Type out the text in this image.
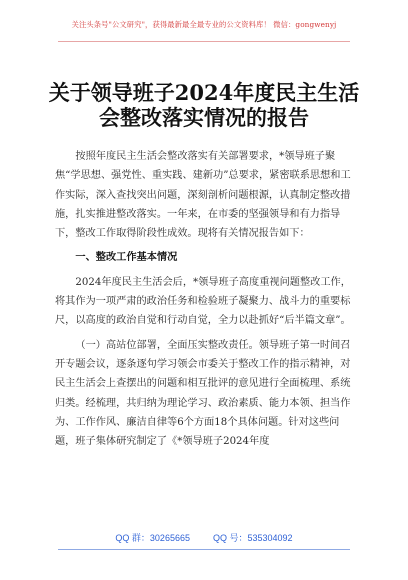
关注头条号"公文研究"，获得最新最全最专业的公文资料库！ 微信：gongwenyj
关于领导班子2024年度民主生活会整改落实情况的报告

按照年度民主生活会整改落实有关部署要求，*领导班子聚焦“学思想、强党性、重实践、建新功”总要求，紧密联系思想和工作实际，深入查找突出问题，深刻剖析问题根源，认真制定整改措施，扎实推进整改落实。一年来，在市委的坚强领导和有力指导下，整改工作取得阶段性成效。现将有关情况报告如下：

一、整改工作基本情况

2024年度民主生活会后，*领导班子高度重视问题整改工作，将其作为一项严肃的政治任务和检验班子凝聚力、战斗力的重要标尺，以高度的政治自觉和行动自觉，全力以赴抓好“后半篇文章”。

（一）高站位部署，全面压实整改责任。领导班子第一时间召开专题会议，逐条逐句学习领会市委关于整改工作的指示精神，对民主生活会上查摆出的问题和相互批评的意见进行全面梳理、系统归类。经梳理，共归纳为理论学习、政治素质、能力本领、担当作为、工作作风、廉洁自律等6个方面18个具体问题。针对这些问题，班子集体研究制定了《*领导班子2024年度

QQ 群：30265665	QQ 号：535304092
